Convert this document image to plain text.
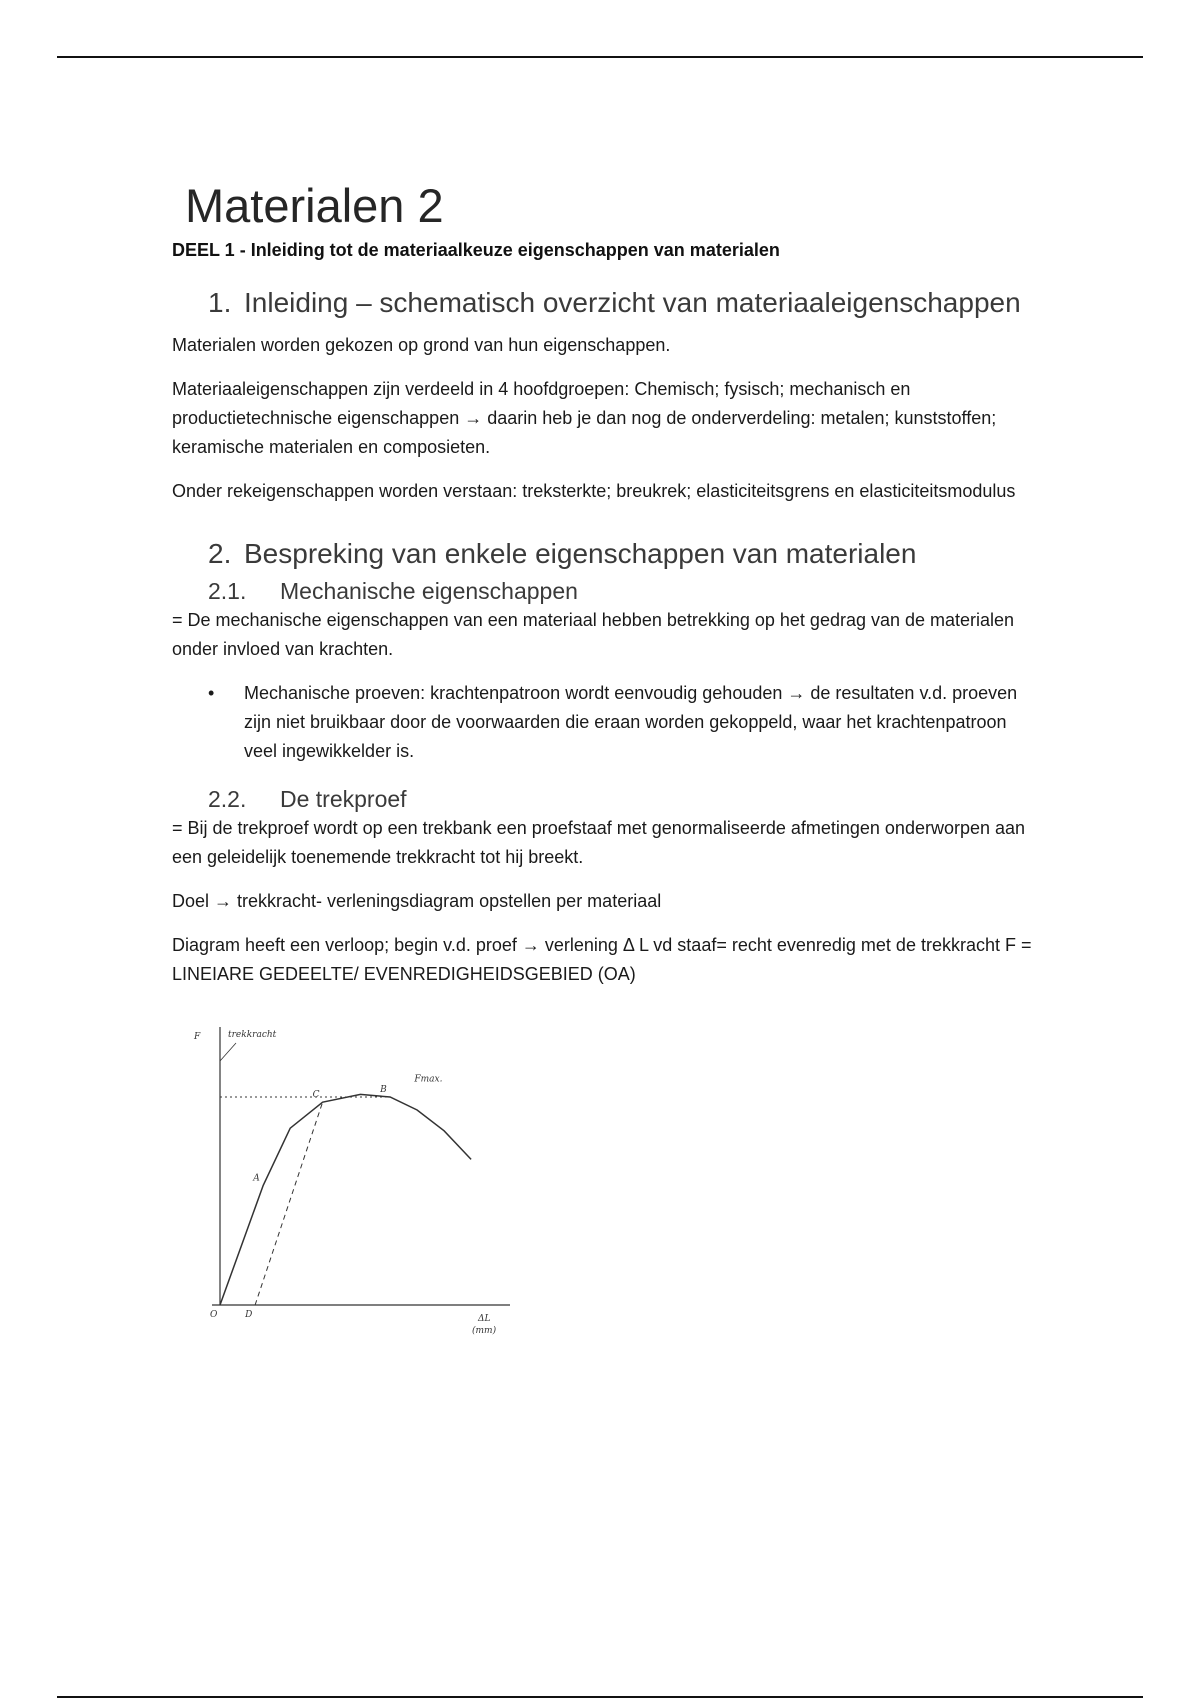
Materialen 2
DEEL 1 - Inleiding tot de materiaalkeuze eigenschappen van materialen
1. Inleiding – schematisch overzicht van materiaaleigenschappen

Materialen worden gekozen op grond van hun eigenschappen.

Materiaaleigenschappen zijn verdeeld in 4 hoofdgroepen: Chemisch; fysisch; mechanisch en productietechnische eigenschappen → daarin heb je dan nog de onderverdeling: metalen; kunststoffen; keramische materialen en composieten.

Onder rekeigenschappen worden verstaan: treksterkte; breukrek; elasticiteitsgrens en elasticiteitsmodulus

2. Bespreking van enkele eigenschappen van materialen
2.1.	Mechanische eigenschappen

= De mechanische eigenschappen van een materiaal hebben betrekking op het gedrag van de materialen onder invloed van krachten.

•	Mechanische proeven: krachtenpatroon wordt eenvoudig gehouden → de resultaten v.d. proeven zijn niet bruikbaar door de voorwaarden die eraan worden gekoppeld, waar het krachtenpatroon veel ingewikkelder is.
2.2.	De trekproef

= Bij de trekproef wordt op een trekbank een proefstaaf met genormaliseerde afmetingen onderworpen aan een geleidelijk toenemende trekkracht tot hij breekt.

Doel → trekkracht- verleningsdiagram opstellen per materiaal

Diagram heeft een verloop; begin v.d. proef → verlening Δ L vd staaf= recht evenredig met de trekkracht F = LINEIARE GEDEELTE/ EVENREDIGHEIDSGEBIED (OA)

F	trekkracht
ΔL
(mm)
O
A
C
B
D
Fmax.
